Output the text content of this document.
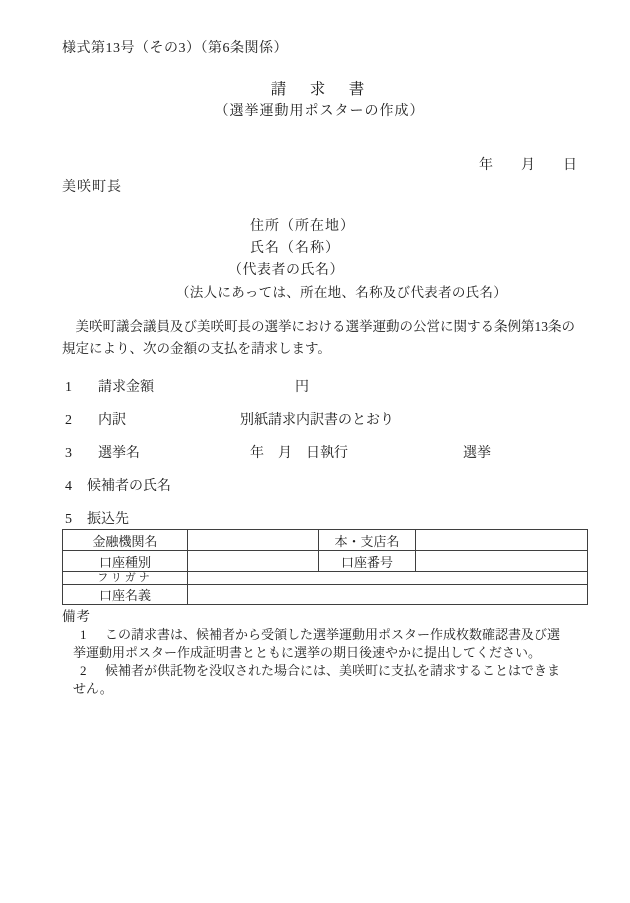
様式第13号（その3）（第6条関係）
請　求　書
（選挙運動用ポスターの作成）
年　　月　　日
美咲町長
住所（所在地）
氏名（名称）
（代表者の氏名）
（法人にあっては、所在地、名称及び代表者の氏名）

　美咲町議会議員及び美咲町長の選挙における選挙運動の公営に関する条例第13条の規定により、次の金額の支払を請求します。

1 請求金額	円
2 内訳	別紙請求内訳書のとおり
3 選挙名	年　月　日執行	選挙
4 候補者の氏名
5 振込先
金融機関名		本・支店名	
口座種別		口座番号	
フリガナ			
口座名義			
備考

1 この請求書は、候補者から受領した選挙運動用ポスター作成枚数確認書及び選挙運動用ポスター作成証明書とともに選挙の期日後速やかに提出してください。

2 候補者が供託物を没収された場合には、美咲町に支払を請求することはできません。
